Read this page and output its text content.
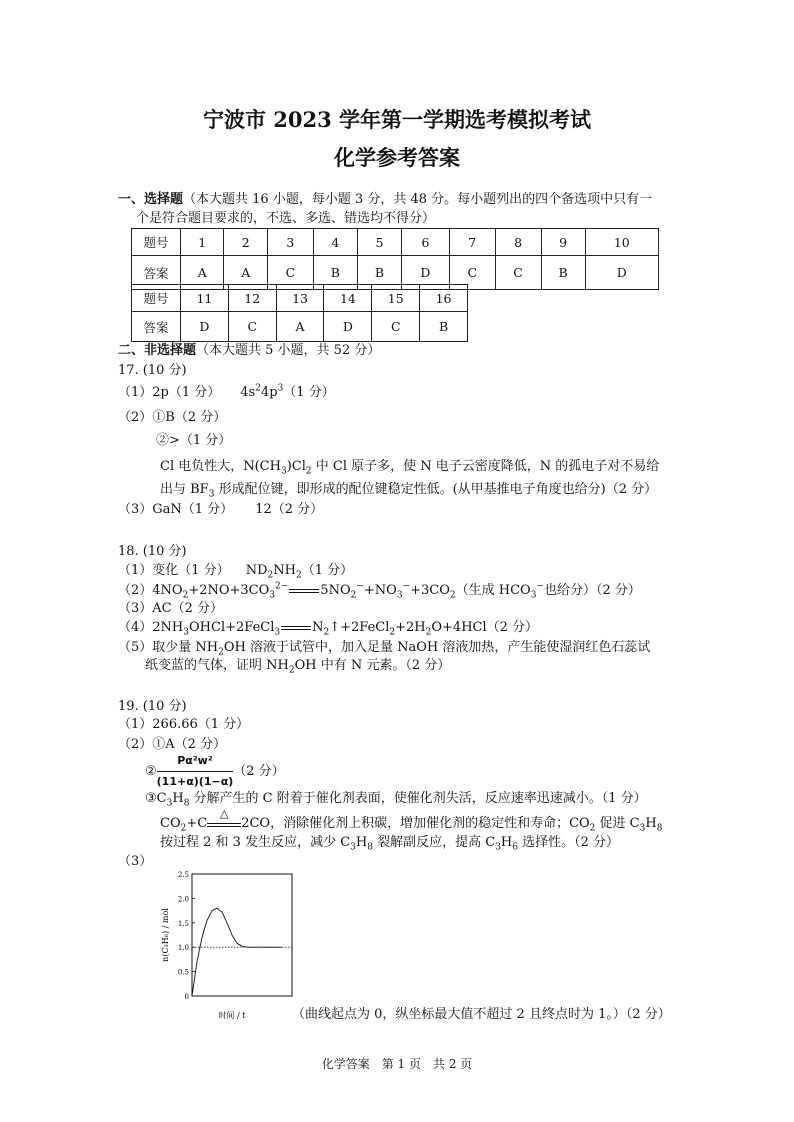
宁波市 2023 学年第一学期选考模拟考试
化学参考答案
一、选择题（本大题共 16 小题，每小题 3 分，共 48 分。每小题列出的四个备选项中只有一
个是符合题目要求的，不选、多选、错选均不得分）
题号	1	2	3	4	5	6	7	8	9	10
答案	A	A	C	B	B	D	C	C	B	D
题号	11	12	13	14	15	16
答案	D	C	A	D	C	B
二、非选择题（本大题共 5 小题，共 52 分）
17. (10 分)
（1）2p（1 分） $4s^24p^3(1$ 分）
（2）①B（2 分）
②>（1 分）
Cl 电负性大，$N(CH_3)Cl_2$ 中 Cl 原子多，使 N 电子云密度降低，N 的孤电子对不易给
出与 $BF_3$ 形成配位键，即形成的配位键稳定性低。(从甲基推电子角度也给分)（2 分）
（3）GaN（1 分） 12（2 分）
18. (10 分)
（1）变化（1 分） $ND_2NH_2(1$ 分）
$(2)4NO_2+2NO+3CO_3^{2-}$ $5NO_2^-+NO_3^-+3CO_2$（生成 $HCO_3^-$也给分）（2 分）
（3）AC（2 分）
$(4)2NH_3OHCl+2FeCl_3$ $N_2↑+2FeCl_2+2H_2O+4HCl(2$ 分）
（5）取少量 $NH_2OH$ 溶液于试管中，加入足量 NaOH 溶液加热，产生能使湿润红色石蕊试
纸变蓝的气体，证明 $NH_2OH$ 中有 N 元素。（2 分）
19. (10 分)
（1）266.66（1 分）
（2）①A（2 分）
② $\frac{\text{Pα²w²}}{(11+\alpha)(1-\alpha)} (2$ 分）
$③C_3H_8$ 分解产生的 C 附着于催化剂表面，使催化剂失活，反应速率迅速减小。（1 分）
$CO_2+C$
△
2CO，消除催化剂上积碳，增加催化剂的稳定性和寿命；$CO_2$ 促进 $C_3H_8$
按过程 2 和 3 发生反应，减少 $C_3H_8$ 裂解副反应，提高 $C_3H_6$ 选择性。（2 分）
（3）
0
0.5
1.0
1.5
2.0
2.5
n(C₃H₆) / mol
时间 / t	（曲线起点为 0，纵坐标最大值不超过 2 且终点时为 1。）（2 分）
化学答案　第 1 页　共 2 页
